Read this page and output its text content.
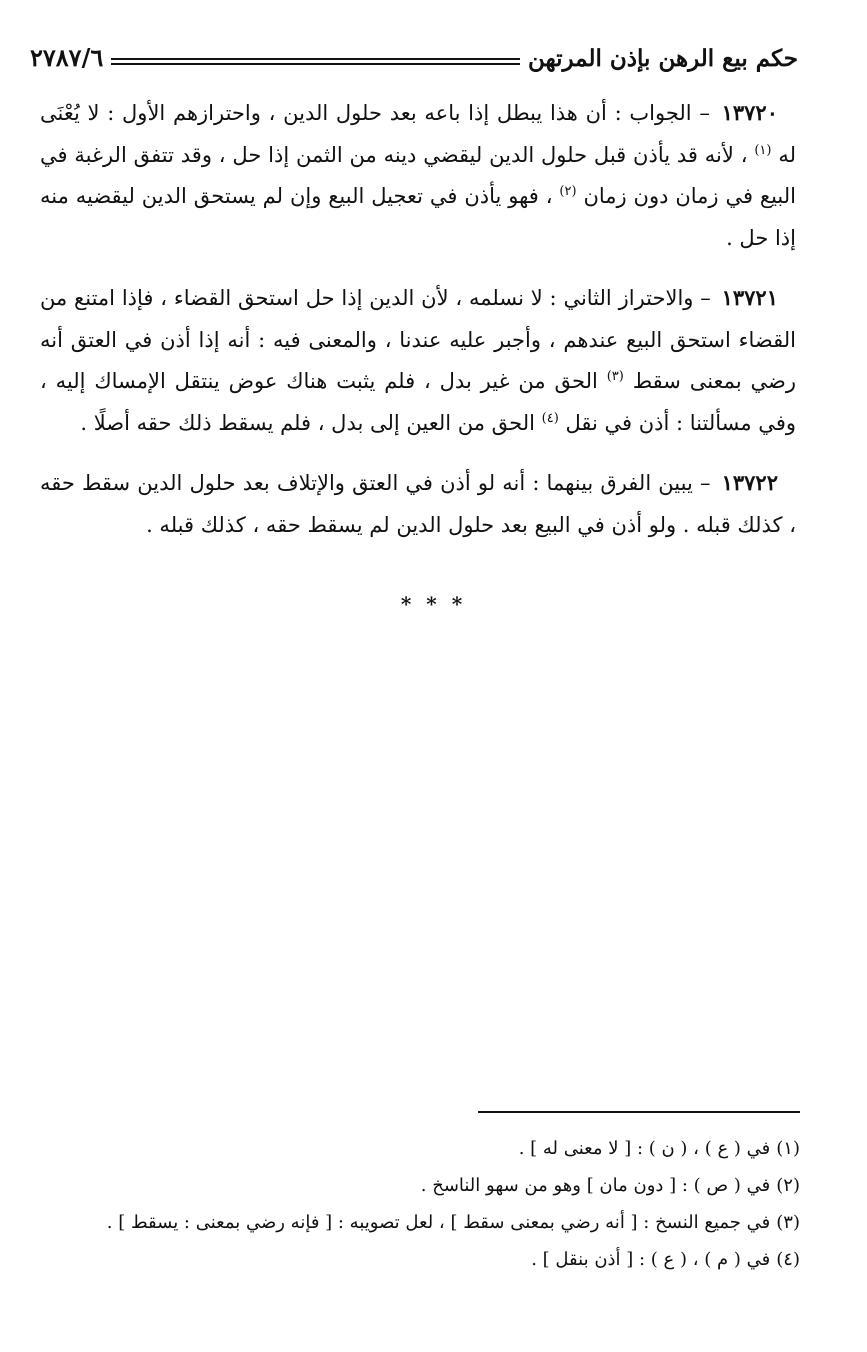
حكم بيع الرهن بإذن المرتهن
٢٧٨٧/٦

١٣٧٢٠ – الجواب : أن هذا يبطل إذا باعه بعد حلول الدين ، واحترازهم الأول : لا يُعْنَى له $^{(١)}$ ، لأنه قد يأذن قبل حلول الدين ليقضي دينه من الثمن إذا حل ، وقد تتفق الرغبة في البيع في زمان دون زمان $^{(٢)}$ ، فهو يأذن في تعجيل البيع وإن لم يستحق الدين ليقضيه منه إذا حل .

١٣٧٢١ – والاحتراز الثاني : لا نسلمه ، لأن الدين إذا حل استحق القضاء ، فإذا امتنع من القضاء استحق البيع عندهم ، وأجبر عليه عندنا ، والمعنى فيه : أنه إذا أذن في العتق أنه رضي بمعنى سقط $^{(٣)}$ الحق من غير بدل ، فلم يثبت هناك عوض ينتقل الإمساك إليه ، وفي مسألتنا : أذن في نقل $^{(٤)}$ الحق من العين إلى بدل ، فلم يسقط ذلك حقه أصلًا .

١٣٧٢٢ – يبين الفرق بينهما : أنه لو أذن في العتق والإتلاف بعد حلول الدين سقط حقه ، كذلك قبله . ولو أذن في البيع بعد حلول الدين لم يسقط حقه ، كذلك قبله .

* * *
(١)في ( ع ) ، ( ن ) : [ لا معنى له ] .
(٢)في ( ص ) : [ دون مان ] وهو من سهو الناسخ .
(٣)في جميع النسخ : [ أنه رضي بمعنى سقط ] ، لعل تصويبه : [ فإنه رضي بمعنى : يسقط ] .
(٤)في ( م ) ، ( ع ) : [ أذن بنقل ] .
